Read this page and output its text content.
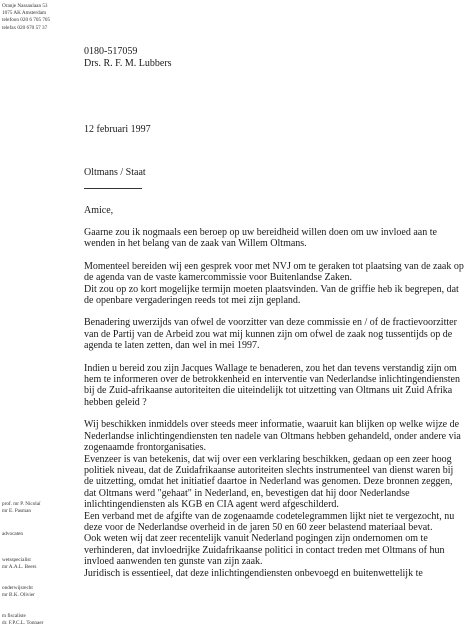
Oranje Nassaulaan 53
1075 AK Amsterdam
telefoon 020 6 705 705
telefax 020 670 57 37
0180-517059
Drs. R. F. M. Lubbers
12 februari 1997
Oltmans / Staat
Amice,

Gaarne zou ik nogmaals een beroep op uw bereidheid willen doen om uw invloed aan te wenden in het belang van de zaak van Willem Oltmans.

Momenteel bereiden wij een gesprek voor met NVJ om te geraken tot plaatsing van de zaak op de agenda van de vaste kamercommissie voor Buitenlandse Zaken.
Dit zou op zo kort mogelijke termijn moeten plaatsvinden. Van de griffie heb ik begrepen, dat de openbare vergaderingen reeds tot mei zijn gepland.

Benadering uwerzijds van ofwel de voorzitter van deze commissie en / of de fractievoorzitter van de Partij van de Arbeid zou wat mij kunnen zijn om ofwel de zaak nog tussentijds op de agenda te laten zetten, dan wel in mei 1997.

Indien u bereid zou zijn Jacques Wallage te benaderen, zou het dan tevens verstandig zijn om hem te informeren over de betrokkenheid en interventie van Nederlandse inlichtingendiensten bij de Zuid-afrikaanse autoriteiten die uiteindelijk tot uitzetting van Oltmans uit Zuid Afrika hebben geleid ?

Wij beschikken inmiddels over steeds meer informatie, waaruit kan blijken op welke wijze de Nederlandse inlichtingendiensten ten nadele van Oltmans hebben gehandeld, onder andere via zogenaamde frontorganisaties.
Evenzeer is van betekenis, dat wij over een verklaring beschikken, gedaan op een zeer hoog politiek niveau, dat de Zuidafrikaanse autoriteiten slechts instrumenteel van dienst waren bij de uitzetting, omdat het initiatief daartoe in Nederland was genomen. Deze bronnen zeggen, dat Oltmans werd "gehaat" in Nederland, en, bevestigen dat hij door Nederlandse inlichtingendiensten als KGB en CIA agent werd afgeschilderd.
Een verband met de afgifte van de zogenaamde codetelegrammen lijkt niet te vergezocht, nu deze voor de Nederlandse overheid in de jaren 50 en 60 zeer belastend materiaal bevat.
Ook weten wij dat zeer recentelijk vanuit Nederland pogingen zijn ondernomen om te verhinderen, dat invloedrijke Zuidafrikaanse politici in contact treden met Oltmans of hun invloed aanwenden ten gunste van zijn zaak.
Juridisch is essentieel, dat deze inlichtingendiensten onbevoegd en buitenwettelijk te

prof. mr P. Nicolaï
mr E. Pasman
advocaten
wetsspecialist
mr A.A.L. Beers
onderwijsrecht
mr B.K. Olivier
m fiscaliste
dr. F.P.C.L. Tonnaer
